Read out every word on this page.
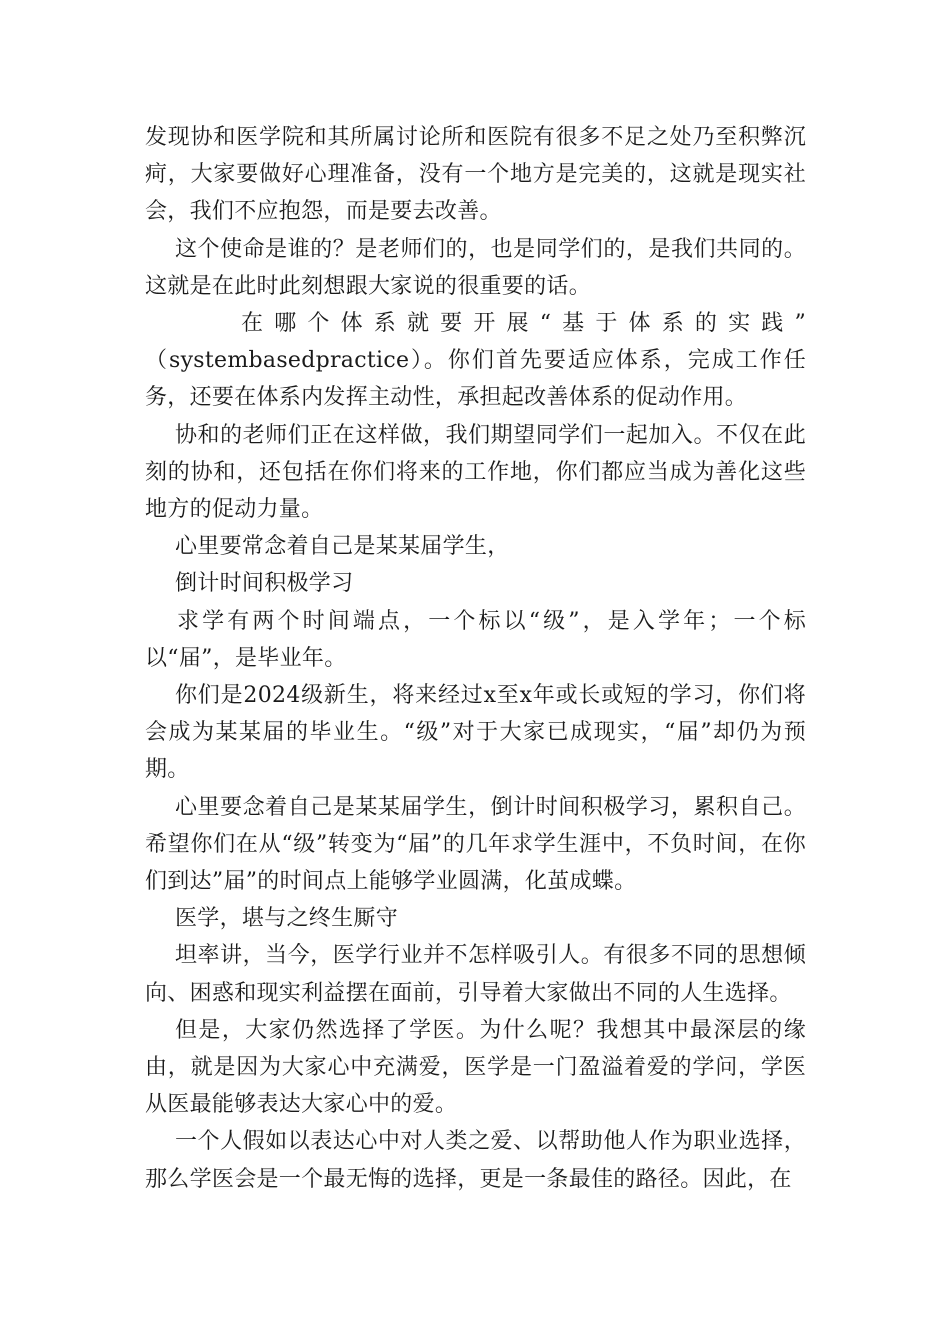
发现协和医学院和其所属讨论所和医院有很多不足之处乃至积弊沉疴，大家要做好心理准备，没有一个地方是完美的，这就是现实社会，我们不应抱怨，而是要去改善。

这个使命是谁的？是老师们的，也是同学们的，是我们共同的。这就是在此时此刻想跟大家说的很重要的话。

在哪个体系就要开展“基于体系的实践”

（systembasedpractice）。你们首先要适应体系，完成工作任务，还要在体系内发挥主动性，承担起改善体系的促动作用。

协和的老师们正在这样做，我们期望同学们一起加入。不仅在此刻的协和，还包括在你们将来的工作地，你们都应当成为善化这些地方的促动力量。

心里要常念着自己是某某届学生，

倒计时间积极学习

求学有两个时间端点，一个标以“级”，是入学年；一个标以“届”，是毕业年。

你们是2024级新生，将来经过x至x年或长或短的学习，你们将会成为某某届的毕业生。“级”对于大家已成现实，“届”却仍为预期。

心里要念着自己是某某届学生，倒计时间积极学习，累积自己。希望你们在从“级”转变为“届”的几年求学生涯中，不负时间，在你们到达”届”的时间点上能够学业圆满，化茧成蝶。

医学，堪与之终生厮守

坦率讲，当今，医学行业并不怎样吸引人。有很多不同的思想倾向、困惑和现实利益摆在面前，引导着大家做出不同的人生选择。

但是，大家仍然选择了学医。为什么呢？我想其中最深层的缘由，就是因为大家心中充满爱，医学是一门盈溢着爱的学问，学医从医最能够表达大家心中的爱。

一个人假如以表达心中对人类之爱、以帮助他人作为职业选择，那么学医会是一个最无悔的选择，更是一条最佳的路径。因此，在
